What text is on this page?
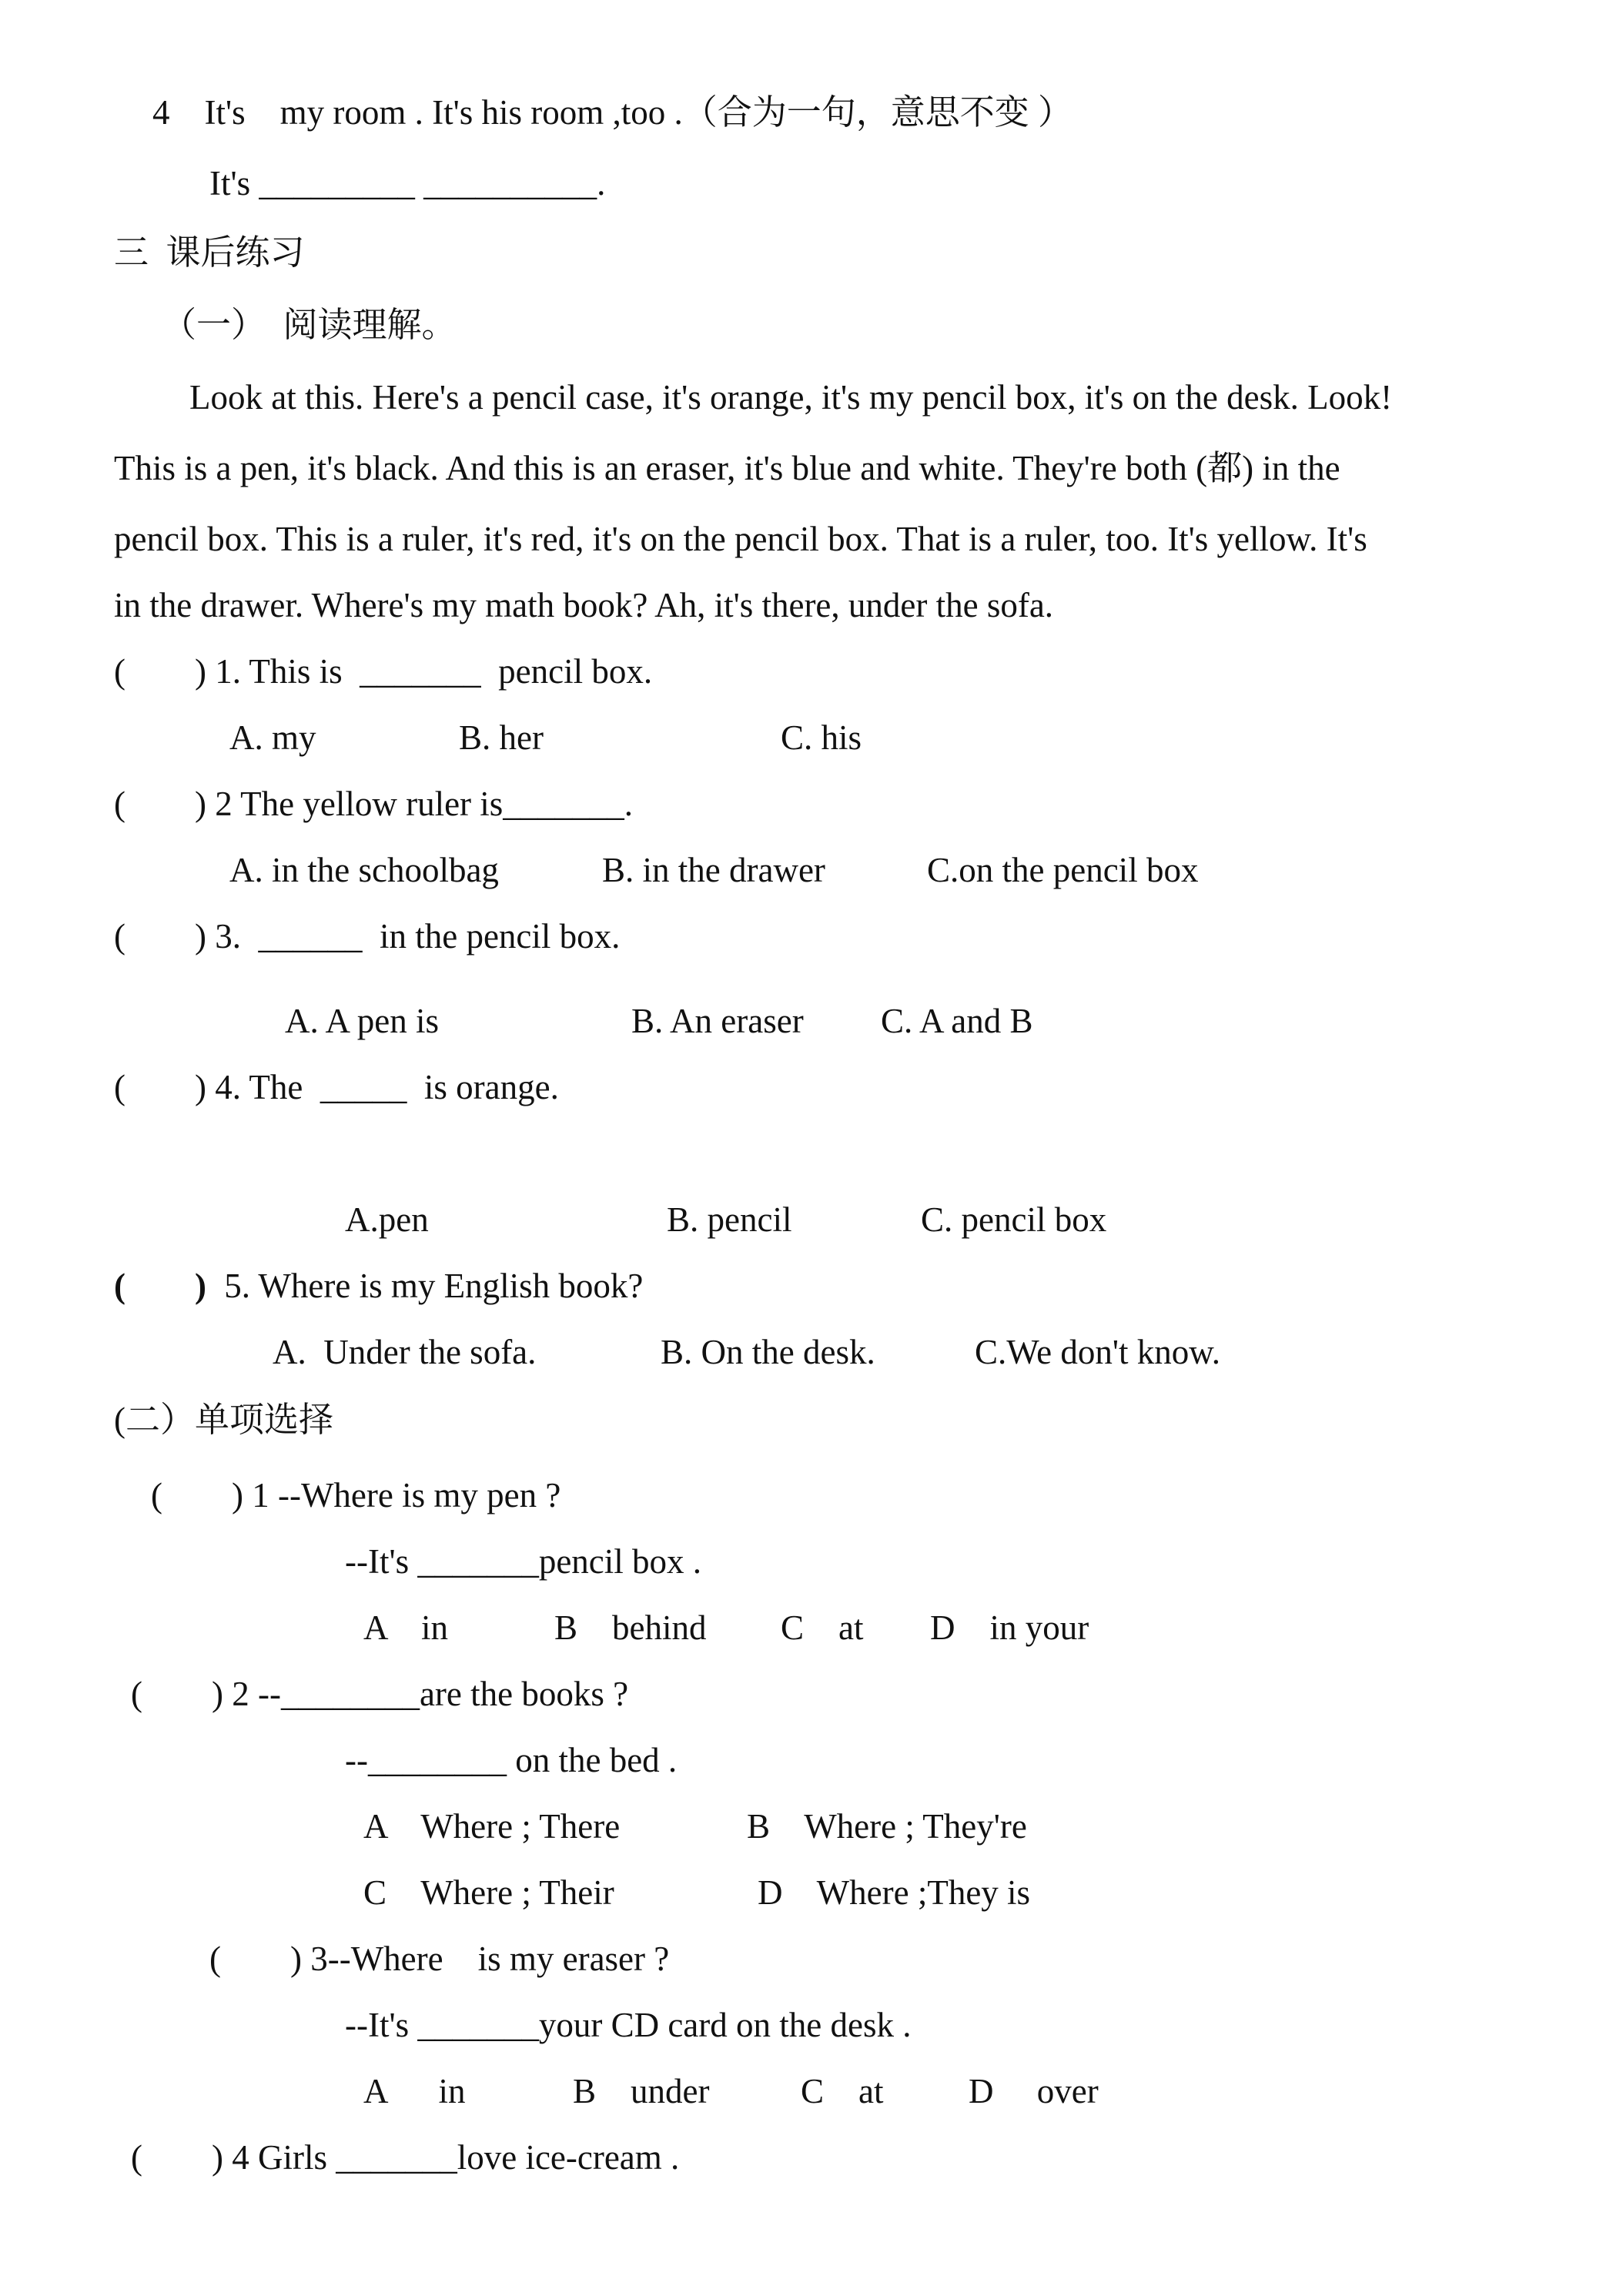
4    It's    my room . It's his room ,too .（合为一句，意思不变 ）
It's _________ __________.
三  课后练习
（一）  阅读理解。
Look at this. Here's a pencil case, it's orange, it's my pencil box, it's on the desk. Look!
This is a pen, it's black. And this is an eraser, it's blue and white. They're both (都) in the
pencil box. This is a ruler, it's red, it's on the pencil box. That is a ruler, too. It's yellow. It's
in the drawer. Where's my math book? Ah, it's there, under the sofa.
(        ) 1. This is  _______  pencil box.
A. my	B. her	C. his
(        ) 2 The yellow ruler is_______.
A. in the schoolbag	B. in the drawer	C.on the pencil box
(        ) 3.  ______  in the pencil box.
A. A pen is	B. An eraser C. A and B
(        ) 4. The  _____  is orange.
A.pen	B. pencil	C. pencil box
(        ) 5. Where is my English book?
A.  Under the sofa.	B. On the desk.	C.We don't know.
(二）单项选择
(        ) 1 --Where is my pen ?
--It's _______pencil box .
A    in	B    behind C    at D    in your
(        ) 2 --________are the books ?
--________ on the bed .
A    Where ; There	B    Where ; They're
C    Where ; Their	D    Where ;They is
(        ) 3--Where    is my eraser ?
--It's _______your CD card on the desk .
A      in	B    under	C    at D     over
(        ) 4 Girls _______love ice-cream .
